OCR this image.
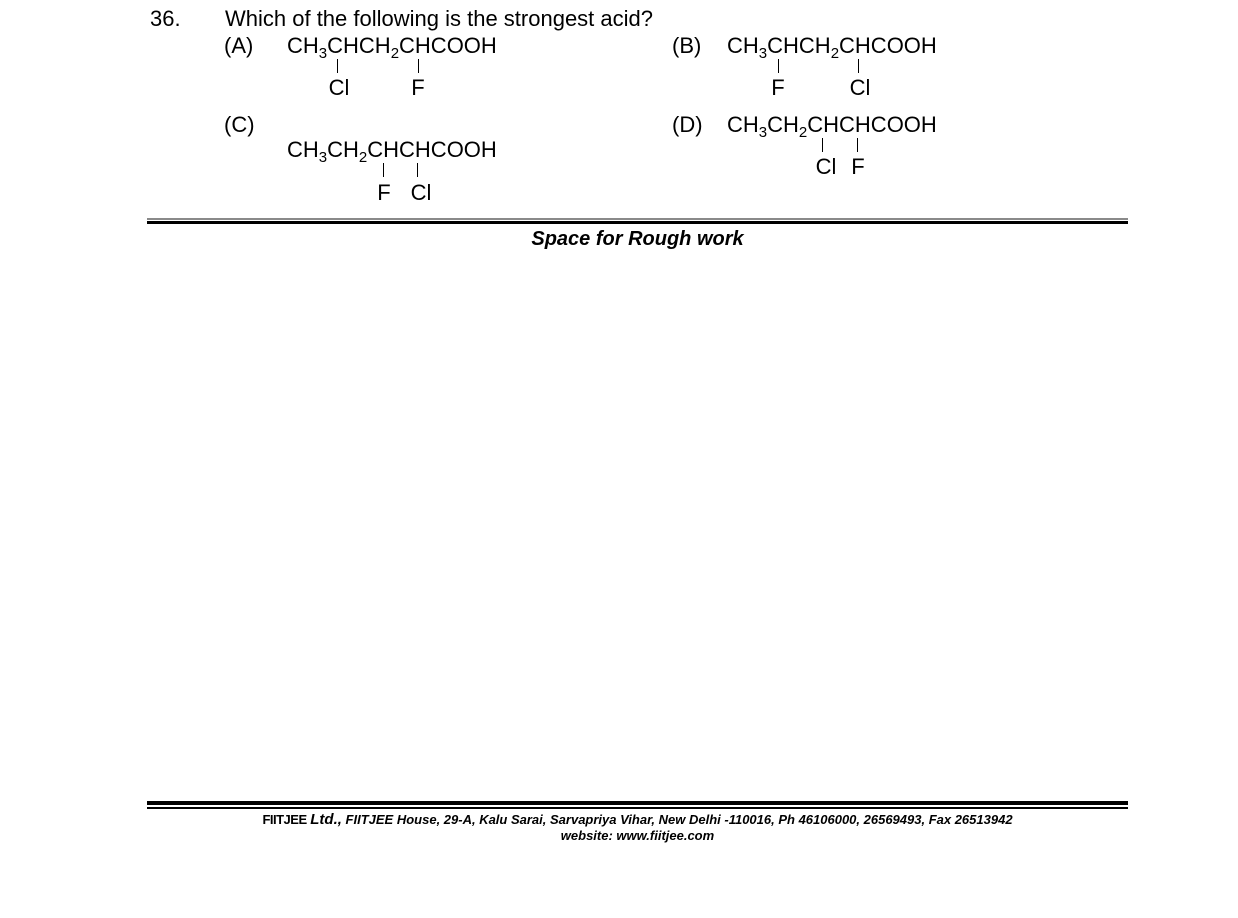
36. Which of the following is the strongest acid?
(A) $CH_3CHCH_2CHCOOH$
Cl	F
(B) $CH_3CHCH_2CHCOOH$
F	Cl
(C)
$CH_3CH_2CHCHCOOH$
F Cl
(D) $CH_3CH_2CHCHCOOH$
Cl F
Space for Rough work
FIITJEE Ltd., FIITJEE House, 29-A, Kalu Sarai, Sarvapriya Vihar, New Delhi -110016, Ph 46106000, 26569493, Fax 26513942
website: www.fiitjee.com
